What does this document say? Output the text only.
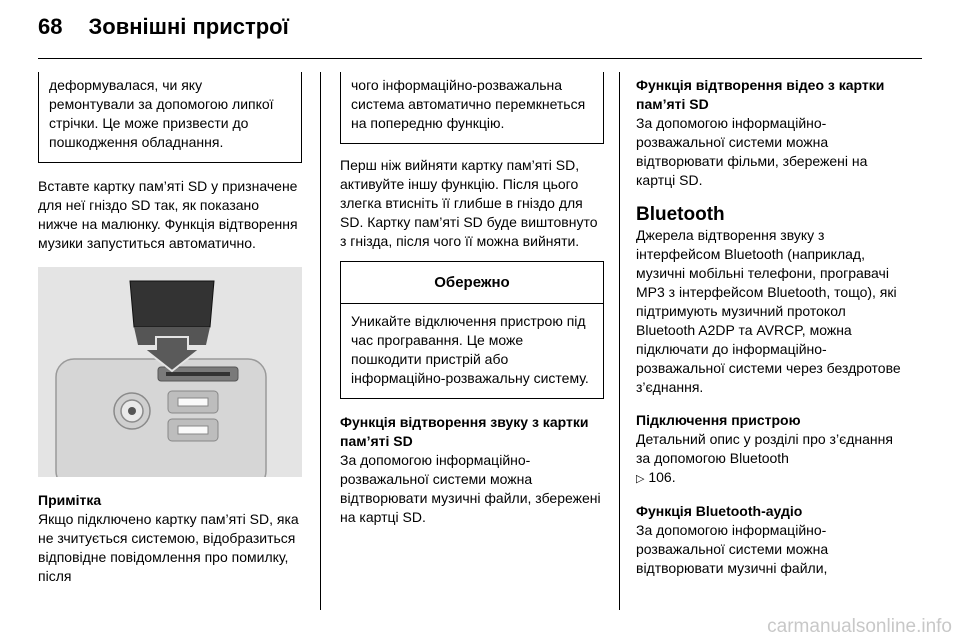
68 Зовнішні пристрої

деформувалася, чи яку ремонтували за допомогою липкої стрічки. Це може призвести до пошкодження обладнання.

Вставте картку пам’яті SD у призначене для неї гніздо SD так, як показано нижче на малюнку. Функція відтворення музики запуститься автоматично.

Примітка

Якщо підключено картку пам’яті SD, яка не зчитується системою, відобразиться відповідне повідомлення про помилку, після

чого інформаційно-розважальна система автоматично перемкнеться на попередню функцію.

Перш ніж вийняти картку пам’яті SD, активуйте іншу функцію. Після цього злегка втисніть її глибше в гніздо для SD. Картку пам’яті SD буде виштовнуто з гнізда, після чого її можна вийняти.

Обережно

Уникайте відключення пристрою під час програвання. Це може пошкодити пристрій або інформаційно-розважальну систему.

Функція відтворення звуку з картки пам’яті SD

За допомогою інформаційно-розважальної системи можна відтворювати музичні файли, збережені на картці SD.

Функція відтворення відео з картки пам’яті SD

За допомогою інформаційно-розважальної системи можна відтворювати фільми, збережені на картці SD.

Bluetooth

Джерела відтворення звуку з інтерфейсом Bluetooth (наприклад, музичні мобільні телефони, програвачі MP3 з інтерфейсом Bluetooth, тощо), які підтримують музичний протокол Bluetooth A2DP та AVRCP, можна підключати до інформаційно-розважальної системи через бездротове з’єднання.

Підключення пристрою

Детальний опис у розділі про з’єднання за допомогою Bluetooth
▷ 106.

Функція Bluetooth-аудіо

За допомогою інформаційно-розважальної системи можна відтворювати музичні файли,

carmanualsonline.info
